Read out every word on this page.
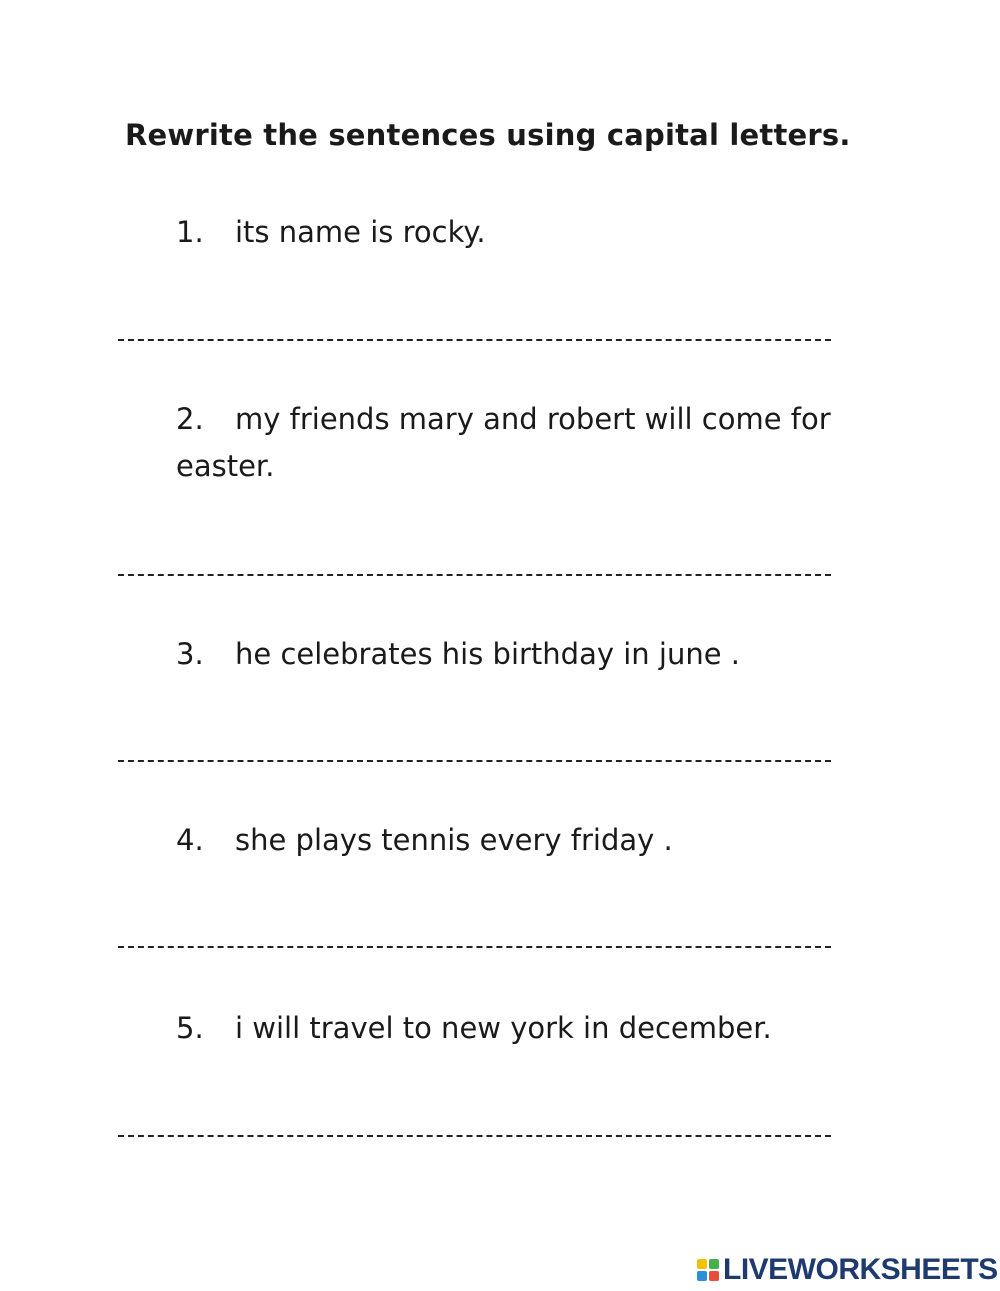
Rewrite the sentences using capital letters.
1. its name is rocky.
2. my friends mary and robert will come for easter.
3. he celebrates his birthday in june .
4. she plays tennis every friday .
5. i will travel to new york in december.
LIVEWORKSHEETS
